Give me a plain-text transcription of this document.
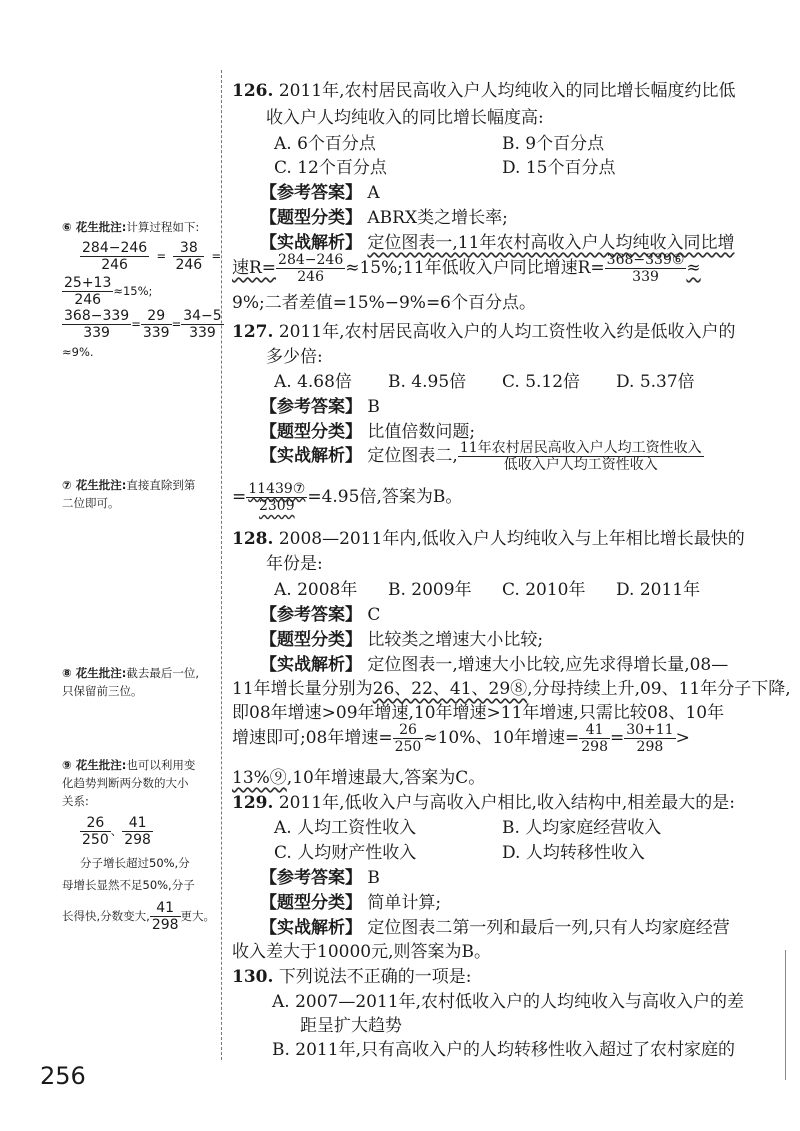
⑥ 花生批注:计算过程如下:
$\frac{284-246}{246} = \frac{38}{246}$ =
$\frac{25+13}{246} \approx 15\%$;
$\frac{368-339}{339} = \frac{29}{339} = \frac{34-5}{339}$
≈9%.
⑦ 花生批注:直接直除到第
二位即可。
⑧ 花生批注:截去最后一位,
只保留前三位。
⑨ 花生批注:也可以利用变
化趋势判断两分数的大小
关系:
$\frac{26}{250}$ 、 $\frac{41}{298}$
分子增长超过50%,分
母增长显然不足50%,分子
长得快,分数变大, $\frac{41}{298}$ 更大。
126. 2011年,农村居民高收入户人均纯收入的同比增长幅度约比低
收入户人均纯收入的同比增长幅度高:
A. 6个百分点	B. 9个百分点
C. 12个百分点	D. 15个百分点
【参考答案】 A
【题型分类】 ABRX类之增长率;
【实战解析】 定位图表一,11年农村高收入户人均纯收入同比增
速$R= \frac{284-246}{246}$ ≈15%;11年低收入户同比增速$R= \frac{\text{368−339⑥}}{339}$ ≈
9%;二者差值=15%−9%=6个百分点。
127. 2011年,农村居民高收入户的人均工资性收入约是低收入户的
多少倍:
A. 4.68倍 B. 4.95倍 C. 5.12倍 D. 5.37倍
【参考答案】 B
【题型分类】 比值倍数问题;
【实战解析】 定位图表二, $\frac{\text{11年农村居民高收入户人均工资性收入}}{\text{低收入户人均工资性收入}}$
= $\frac{\text{11439⑦}}{2309} =4.95$倍,答案为B。
128. 2008—2011年内,低收入户人均纯收入与上年相比增长最快的
年份是:
A. 2008年 B. 2009年 C. 2010年 D. 2011年
【参考答案】 C
【题型分类】 比较类之增速大小比较;
【实战解析】 定位图表一,增速大小比较,应先求得增长量,08—
11年增长量分别为26、22、41、29⑧,分母持续上升,09、11年分子下降,
即08年增速>09年增速,10年增速>11年增速,只需比较08、10年
增速即可;08年增速= $\frac{26}{250} \approx 10\%$、10年增速= $\frac{41}{298} = \frac{30+11}{298}$ >
13%⑨,10年增速最大,答案为C。
129. 2011年,低收入户与高收入户相比,收入结构中,相差最大的是:
A. 人均工资性收入	B. 人均家庭经营收入
C. 人均财产性收入	D. 人均转移性收入
【参考答案】 B
【题型分类】 简单计算;
【实战解析】 定位图表二第一列和最后一列,只有人均家庭经营
收入差大于10000元,则答案为B。
130. 下列说法不正确的一项是:
A. 2007—2011年,农村低收入户的人均纯收入与高收入户的差
距呈扩大趋势
B. 2011年,只有高收入户的人均转移性收入超过了农村家庭的
256
